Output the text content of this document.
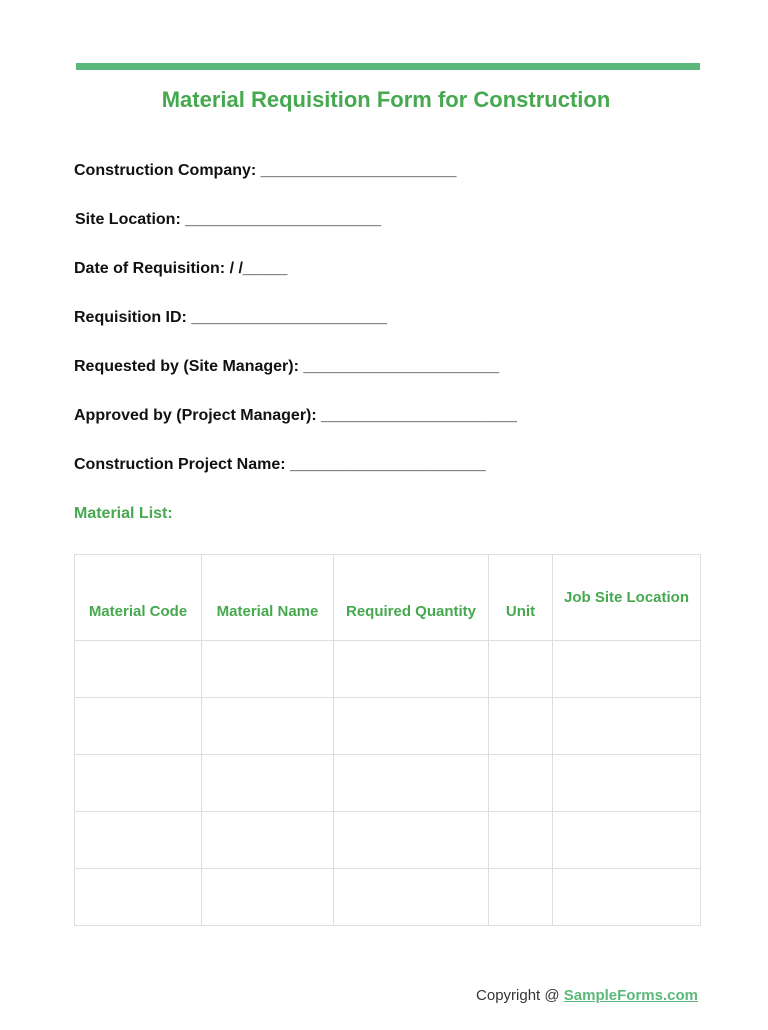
Material Requisition Form for Construction
Construction Company: ______________________
Site Location: ______________________
Date of Requisition: / /_____
Requisition ID: ______________________
Requested by (Site Manager): ______________________
Approved by (Project Manager): ______________________
Construction Project Name: ______________________
Material List:
Material Code	Material Name	Required Quantity	Unit	Job Site Location

Copyright @ SampleForms.com
